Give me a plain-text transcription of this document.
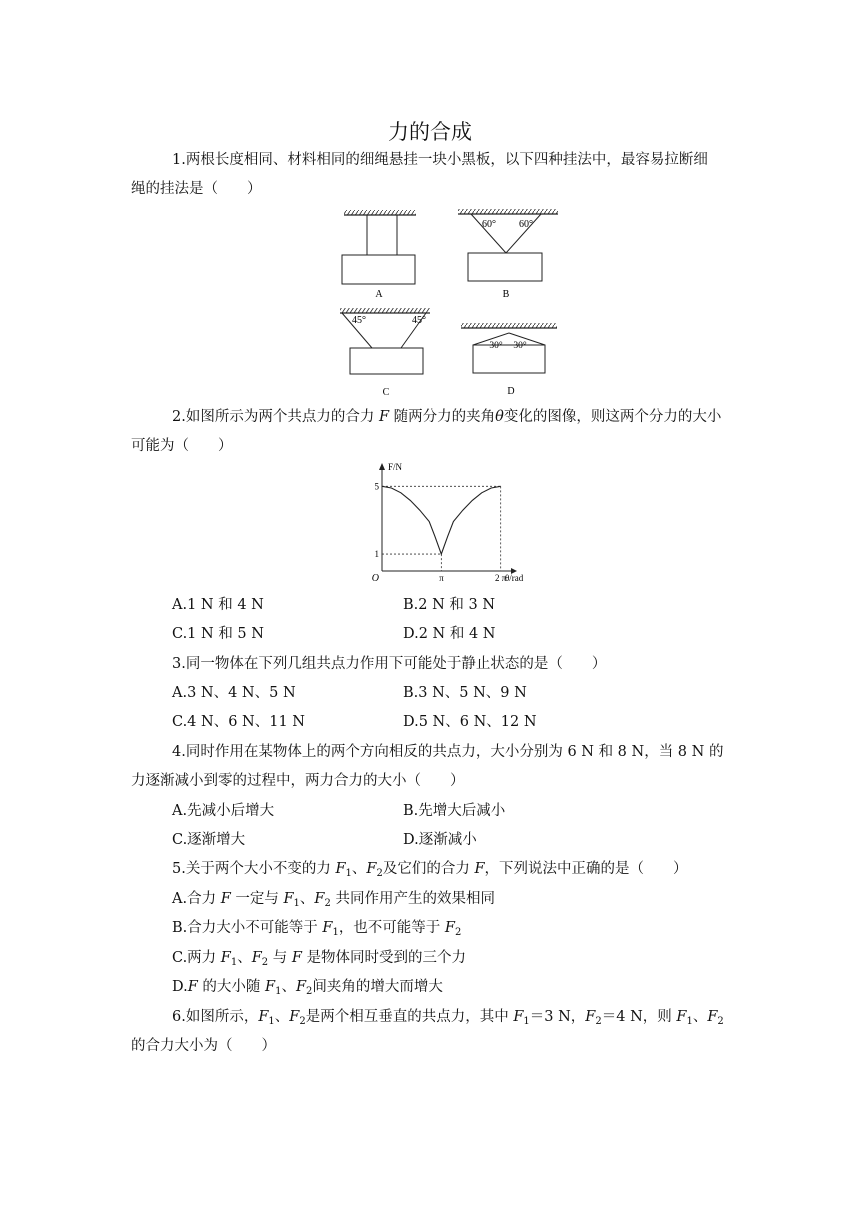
力的合成
1.两根长度相同、材料相同的细绳悬挂一块小黑板，以下四种挂法中，最容易拉断细
绳的挂法是（　　）
A
60° 60°
B
45°	45°
C
30° 30°
D
2.如图所示为两个共点力的合力 F 随两分力的夹角θ变化的图像，则这两个分力的大小
可能为（　　）
F/N
θ/rad
O	π	2 π
1
5
A.1 N 和 4 N	B.2 N 和 3 N
C.1 N 和 5 N	D.2 N 和 4 N
3.同一物体在下列几组共点力作用下可能处于静止状态的是（　　）
A.3 N、4 N、5 N	B.3 N、5 N、9 N
C.4 N、6 N、11 N	D.5 N、6 N、12 N
4.同时作用在某物体上的两个方向相反的共点力，大小分别为 6 N 和 8 N，当 8 N 的
力逐渐减小到零的过程中，两力合力的大小（　　）
A.先减小后增大	B.先增大后减小
C.逐渐增大	D.逐渐减小
5.关于两个大小不变的力 $F_1$、$F_2$及它们的合力 F，下列说法中正确的是（　　）
A.合力 F 一定与 $F_1$、$F_2$ 共同作用产生的效果相同
B.合力大小不可能等于 $F_1$，也不可能等于 $F_2$
C.两力 $F_1$、$F_2$ 与 F 是物体同时受到的三个力
D.F 的大小随 $F_1$、$F_2$间夹角的增大而增大
6.如图所示，$F_1$、$F_2$是两个相互垂直的共点力，其中 $F_1=3$ N，$F_2=4$ N，则 $F_1$、$F_2$
的合力大小为（　　）
